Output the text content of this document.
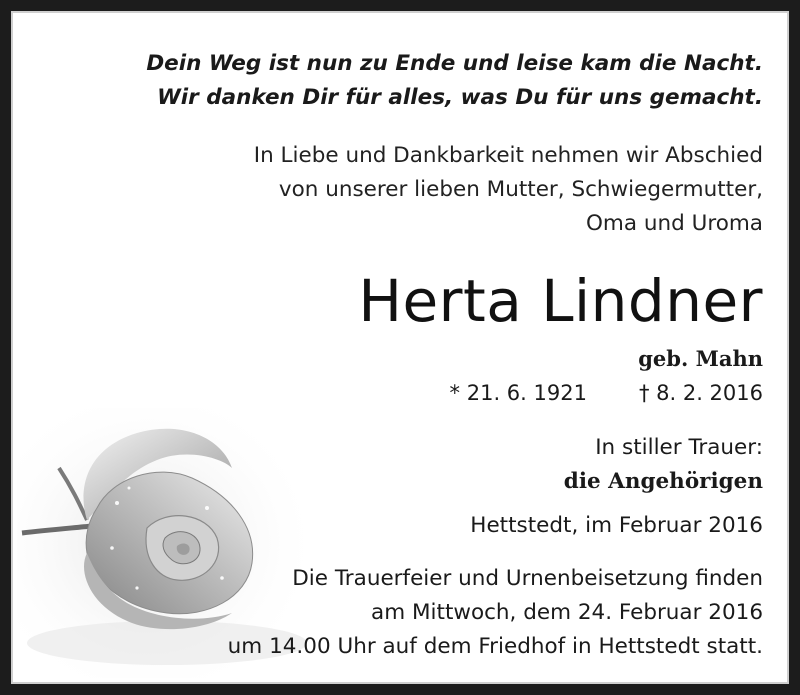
Dein Weg ist nun zu Ende und leise kam die Nacht.
Wir danken Dir für alles, was Du für uns gemacht.
In Liebe und Dankbarkeit nehmen wir Abschied
von unserer lieben Mutter, Schwiegermutter,
Oma und Uroma
Herta Lindner
geb. Mahn
* 21. 6. 1921 † 8. 2. 2016
In stiller Trauer:
die Angehörigen
Hettstedt, im Februar 2016
Die Trauerfeier und Urnenbeisetzung finden
am Mittwoch, dem 24. Februar 2016
um 14.00 Uhr auf dem Friedhof in Hettstedt statt.
